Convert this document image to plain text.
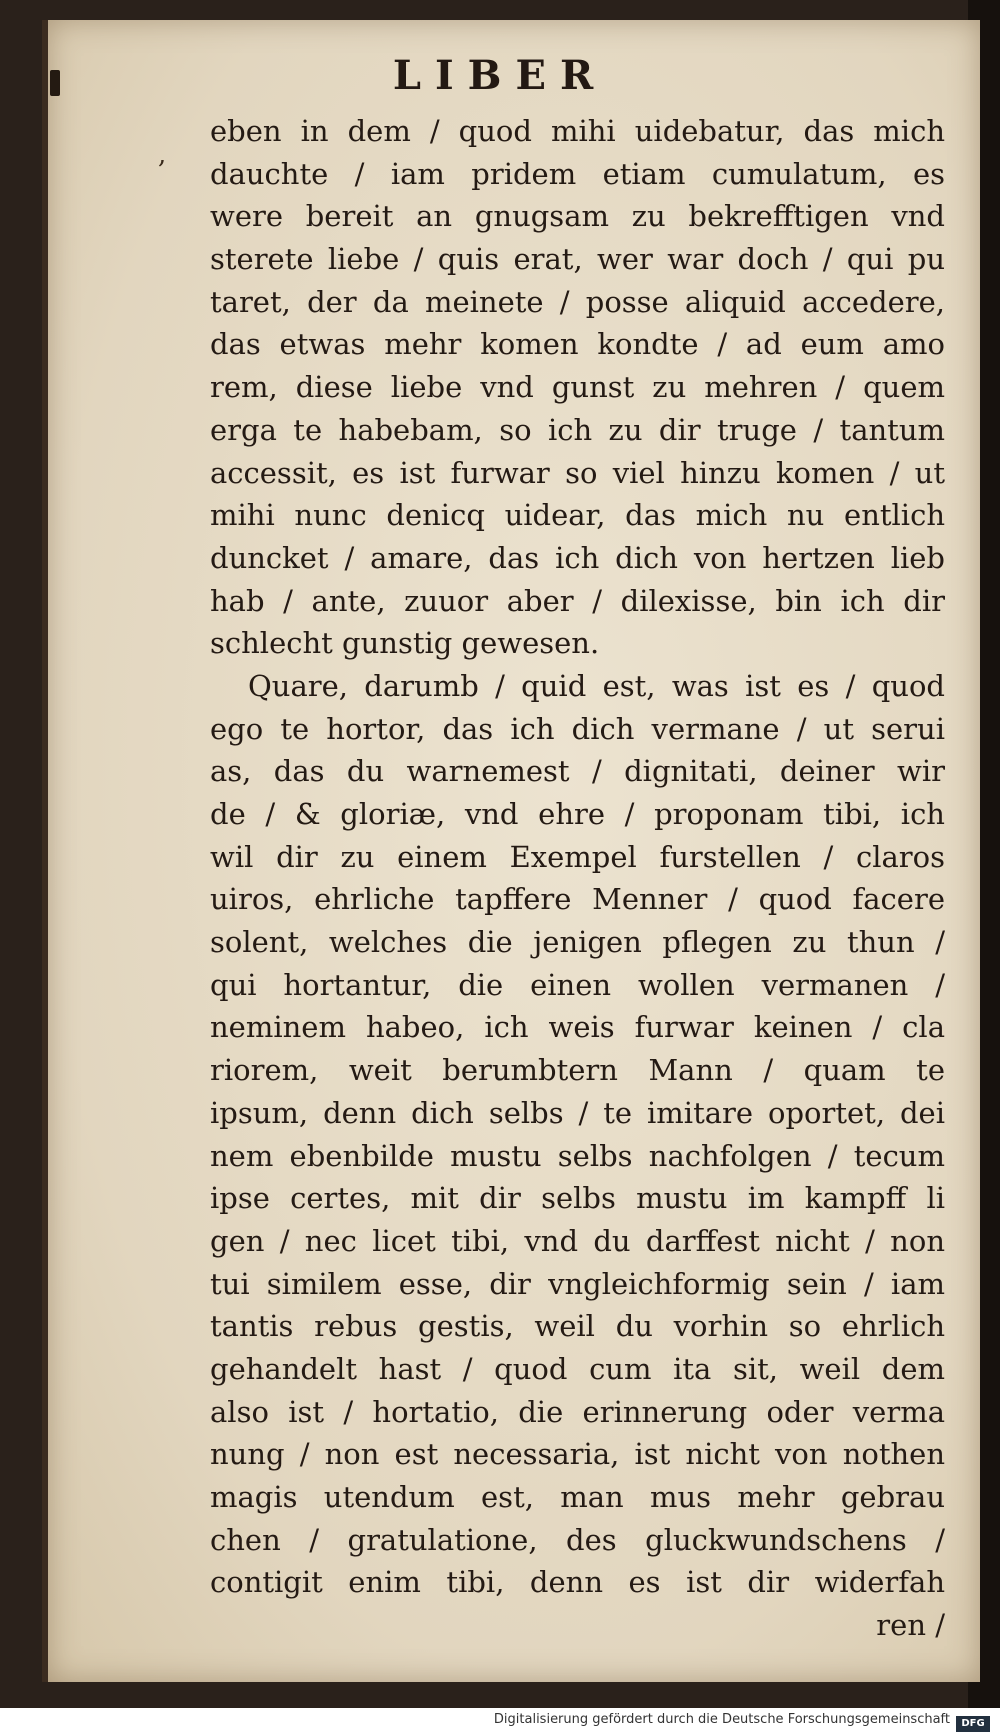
LIBER
,
eben in dem / quod mihi uidebatur, das mich
dauchte / iam pridem etiam cumulatum, es
were bereit an gnugsam zu bekrefftigen vnd
sterete liebe / quis erat, wer war doch / qui pu
taret, der da meinete / posse aliquid accedere,
das etwas mehr komen kondte / ad eum amo
rem, diese liebe vnd gunst zu mehren / quem
erga te habebam, so ich zu dir truge / tantum
accessit, es ist furwar so viel hinzu komen / ut
mihi nunc denicq uidear, das mich nu entlich
duncket / amare, das ich dich von hertzen lieb
hab / ante, zuuor aber / dilexisse, bin ich dir
schlecht gunstig gewesen.
Quare, darumb / quid est, was ist es / quod
ego te hortor, das ich dich vermane / ut serui
as, das du warnemest / dignitati, deiner wir
de / & gloriæ, vnd ehre / proponam tibi, ich
wil dir zu einem Exempel furstellen / claros
uiros, ehrliche tapffere Menner / quod facere
solent, welches die jenigen pflegen zu thun /
qui hortantur, die einen wollen vermanen /
neminem habeo, ich weis furwar keinen / cla
riorem, weit berumbtern Mann / quam te
ipsum, denn dich selbs / te imitare oportet, dei
nem ebenbilde mustu selbs nachfolgen / tecum
ipse certes, mit dir selbs mustu im kampff li
gen / nec licet tibi, vnd du darffest nicht / non
tui similem esse, dir vngleichformig sein / iam
tantis rebus gestis, weil du vorhin so ehrlich
gehandelt hast / quod cum ita sit, weil dem
also ist / hortatio, die erinnerung oder verma
nung / non est necessaria, ist nicht von nothen
magis utendum est, man mus mehr gebrau
chen / gratulatione, des gluckwundschens /
contigit enim tibi, denn es ist dir widerfah
ren /
Digitalisierung gefördert durch die Deutsche Forschungsgemeinschaft	DFG
